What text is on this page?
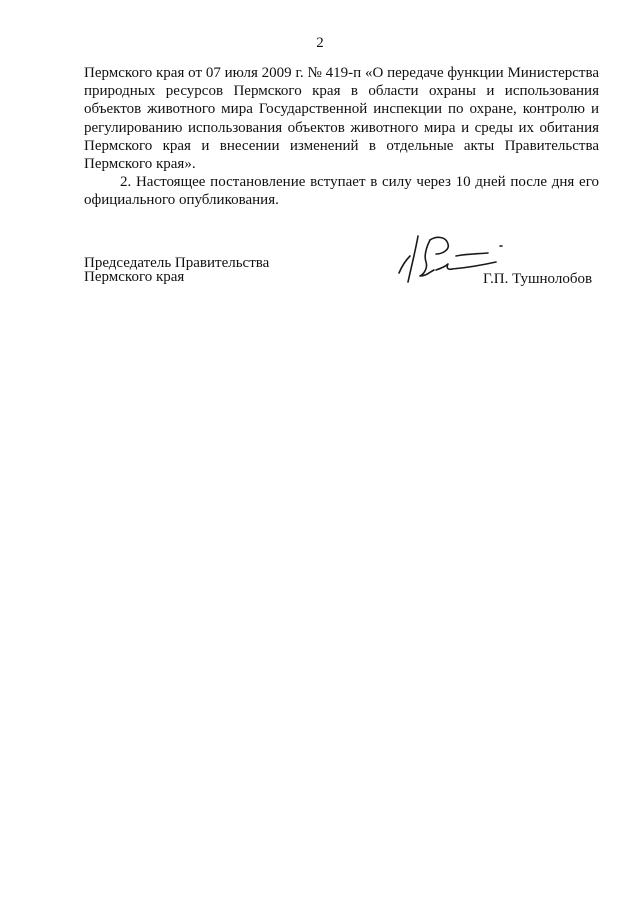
2

Пермского края от 07 июля 2009 г. № 419-п «О передаче функции Министерства природных ресурсов Пермского края в области охраны и использования объектов животного мира Государственной инспекции по охране, контролю и регулированию использования объектов животного мира и среды их обитания Пермского края и внесении изменений в отдельные акты Правительства Пермского края».

2. Настоящее постановление вступает в силу через 10 дней после дня его официального опубликования.

Председатель Правительства
Пермского края	Г.П. Тушнолобов
